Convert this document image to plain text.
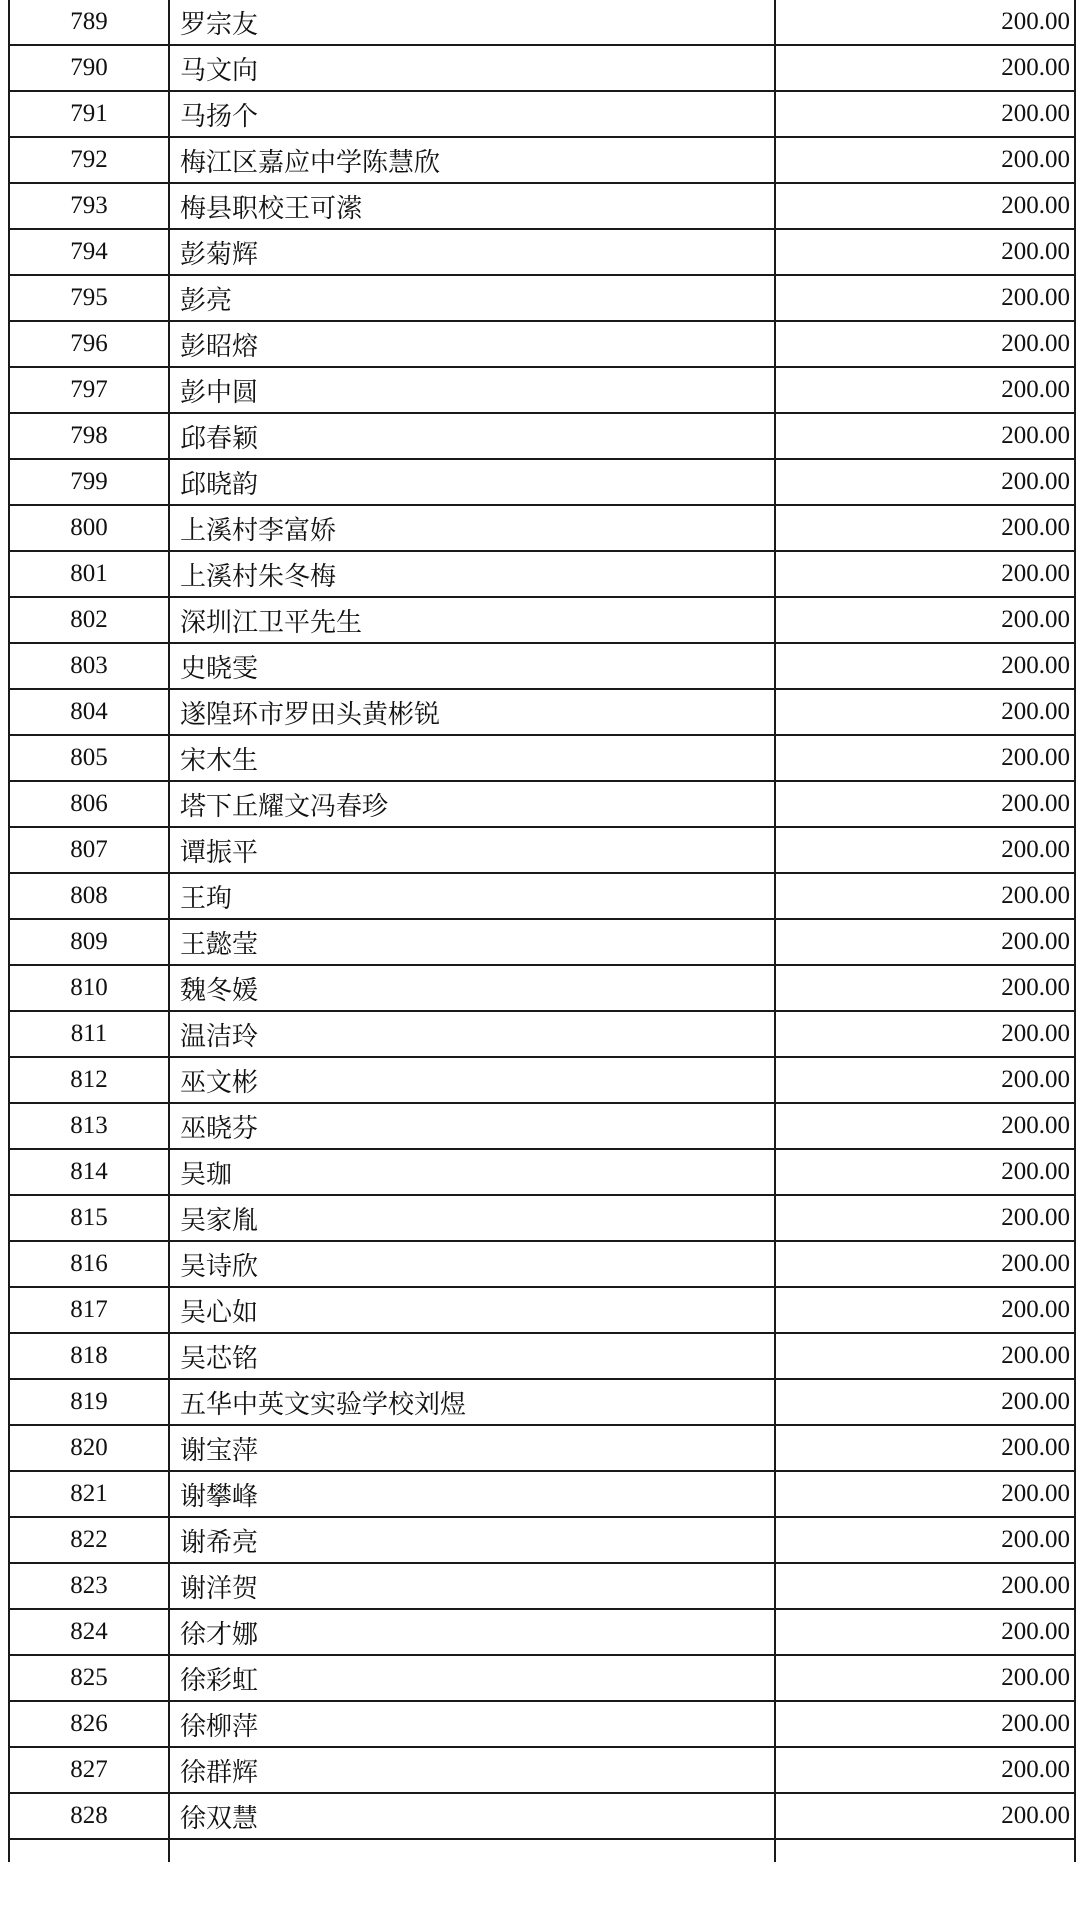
789	罗宗友	200.00
790	马文向	200.00
791	马扬个	200.00
792	梅江区嘉应中学陈慧欣	200.00
793	梅县职校王可潆	200.00
794	彭菊辉	200.00
795	彭亮	200.00
796	彭昭熔	200.00
797	彭中圆	200.00
798	邱春颖	200.00
799	邱晓韵	200.00
800	上溪村李富娇	200.00
801	上溪村朱冬梅	200.00
802	深圳江卫平先生	200.00
803	史晓雯	200.00
804	遂隍环市罗田头黄彬锐	200.00
805	宋木生	200.00
806	塔下丘耀文冯春珍	200.00
807	谭振平	200.00
808	王珣	200.00
809	王懿莹	200.00
810	魏冬媛	200.00
811	温洁玲	200.00
812	巫文彬	200.00
813	巫晓芬	200.00
814	吴珈	200.00
815	吴家胤	200.00
816	吴诗欣	200.00
817	吴心如	200.00
818	吴芯铭	200.00
819	五华中英文实验学校刘煜	200.00
820	谢宝萍	200.00
821	谢攀峰	200.00
822	谢希亮	200.00
823	谢洋贺	200.00
824	徐才娜	200.00
825	徐彩虹	200.00
826	徐柳萍	200.00
827	徐群辉	200.00
828	徐双慧	200.00
